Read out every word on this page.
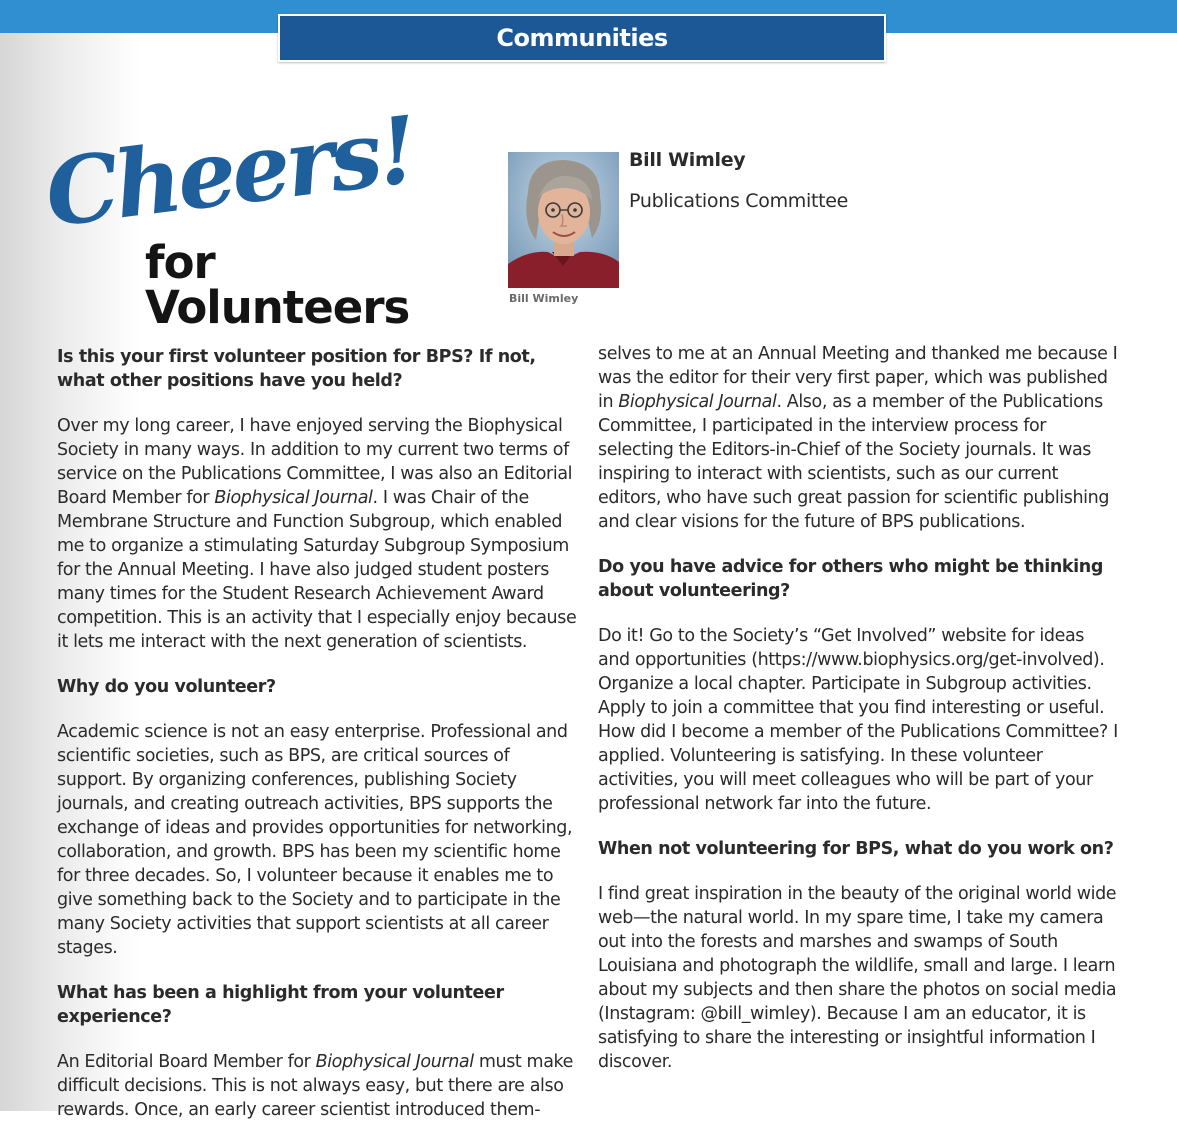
Communities
Cheers!
for Volunteers	Bill Wimley
Bill Wimley
Publications Committee
Is this your first volunteer position for BPS? If not, what other positions have you held?
Over my long career, I have enjoyed serving the Biophysical Society in many ways. In addition to my current two terms of service on the Publications Committee, I was also an Editorial Board Member for Biophysical Journal. I was Chair of the Membrane Structure and Function Subgroup, which enabled me to organize a stimulating Saturday Subgroup Symposium for the Annual Meeting. I have also judged student posters many times for the Student Research Achievement Award competition. This is an activity that I especially enjoy because it lets me interact with the next generation of scientists.
Why do you volunteer?
Academic science is not an easy enterprise. Professional and scientific societies, such as BPS, are critical sources of support. By organizing conferences, publishing Society journals, and creating outreach activities, BPS supports the exchange of ideas and provides opportunities for networking, collaboration, and growth. BPS has been my scientific home for three decades. So, I volunteer because it enables me to give something back to the Society and to participate in the many Society activities that support scientists at all career stages.
What has been a highlight from your volunteer experience?
An Editorial Board Member for Biophysical Journal must make difficult decisions. This is not always easy, but there are also rewards. Once, an early career scientist introduced them-
selves to me at an Annual Meeting and thanked me because I was the editor for their very first paper, which was published in Biophysical Journal. Also, as a member of the Publications Committee, I participated in the interview process for selecting the Editors-in-Chief of the Society journals. It was inspiring to interact with scientists, such as our current editors, who have such great passion for scientific publishing and clear visions for the future of BPS publications.
Do you have advice for others who might be thinking about volunteering?
Do it! Go to the Society’s “Get Involved” website for ideas and opportunities (https://www.biophysics.org/get-involved). Organize a local chapter. Participate in Subgroup activities. Apply to join a committee that you find interesting or useful. How did I become a member of the Publications Committee? I applied. Volunteering is satisfying. In these volunteer activities, you will meet colleagues who will be part of your professional network far into the future.
When not volunteering for BPS, what do you work on?
I find great inspiration in the beauty of the original world wide web—the natural world. In my spare time, I take my camera out into the forests and marshes and swamps of South Louisiana and photograph the wildlife, small and large. I learn about my subjects and then share the photos on social media (Instagram: @bill_wimley). Because I am an educator, it is satisfying to share the interesting or insightful information I discover.
